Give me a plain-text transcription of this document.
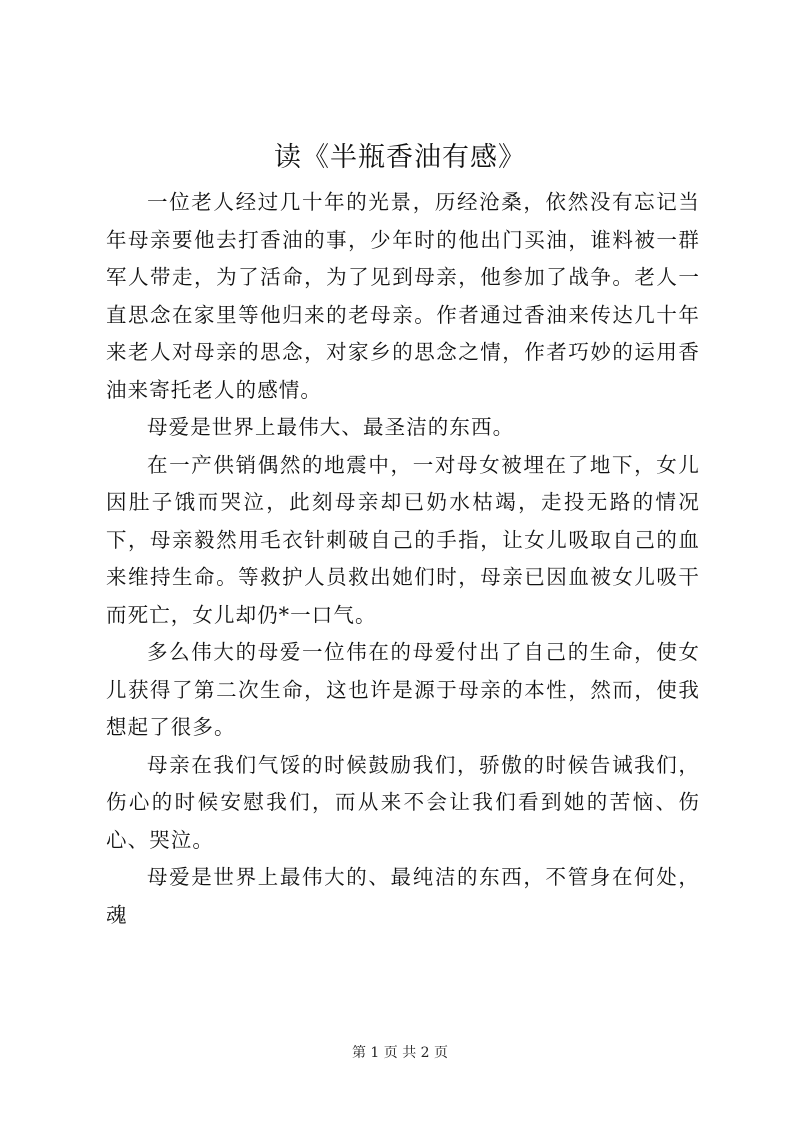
读《半瓶香油有感》

一位老人经过几十年的光景，历经沧桑，依然没有忘记当年母亲要他去打香油的事，少年时的他出门买油，谁料被一群军人带走，为了活命，为了见到母亲，他参加了战争。老人一直思念在家里等他归来的老母亲。作者通过香油来传达几十年来老人对母亲的思念，对家乡的思念之情，作者巧妙的运用香油来寄托老人的感情。

母爱是世界上最伟大、最圣洁的东西。

在一产供销偶然的地震中，一对母女被埋在了地下，女儿因肚子饿而哭泣，此刻母亲却已奶水枯竭，走投无路的情况下，母亲毅然用毛衣针刺破自己的手指，让女儿吸取自己的血来维持生命。等救护人员救出她们时，母亲已因血被女儿吸干而死亡，女儿却仍*一口气。

多么伟大的母爱一位伟在的母爱付出了自己的生命，使女儿获得了第二次生命，这也许是源于母亲的本性，然而，使我想起了很多。

母亲在我们气馁的时候鼓励我们，骄傲的时候告诫我们，伤心的时候安慰我们，而从来不会让我们看到她的苦恼、伤心、哭泣。

母爱是世界上最伟大的、最纯洁的东西，不管身在何处，魂

第 1 页 共 2 页
